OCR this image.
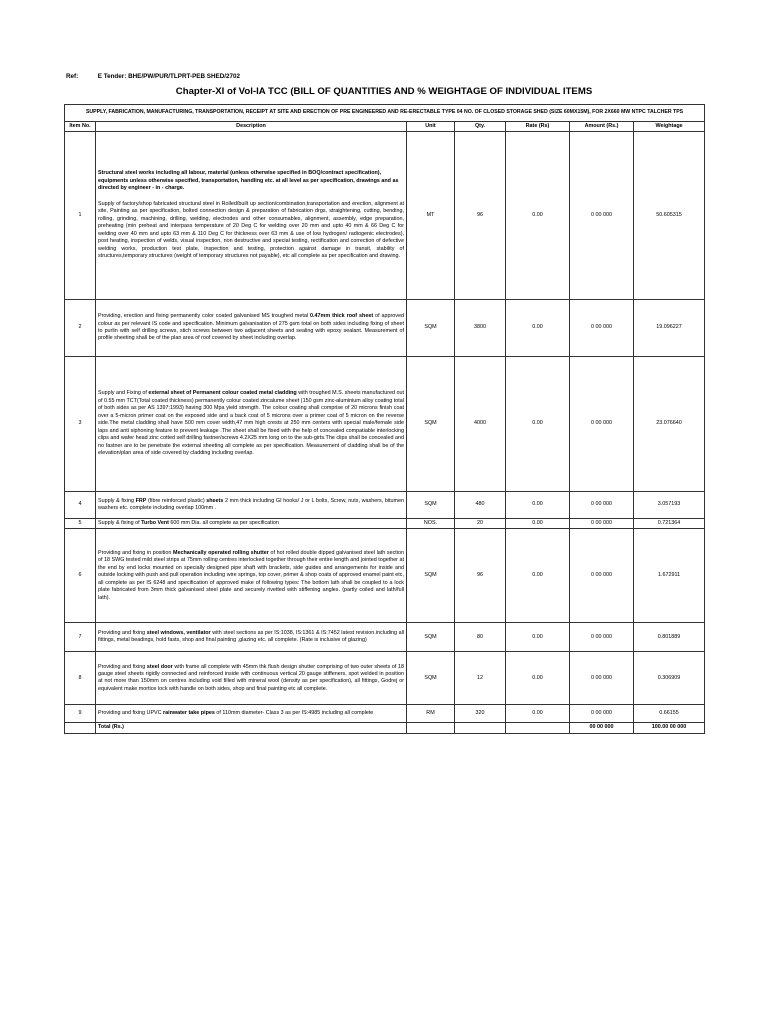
Ref:	E Tender: BHE/PW/PUR/TLPRT-PEB SHED/2702
Chapter-XI of Vol-IA TCC (BILL OF QUANTITIES AND % WEIGHTAGE OF INDIVIDUAL ITEMS
SUPPLY, FABRICATION, MANUFACTURING, TRANSPORTATION, RECEIPT AT SITE AND ERECTION OF PRE ENGINEERED AND RE-ERECTABLE TYPE 04 NO. OF CLOSED STORAGE SHED (SIZE 60MX15M), FOR 2X660 MW NTPC TALCHER TPS						
Item No.	Description	Unit	Qty.	Rate (Rs)	Amount (Rs.)	Weightage
1	Structural steel works including all labour, material (unless otherwise specified in BOQ/contract specification), equipments unless otherwise specified, transportation, handling etc. at all level as per specification, drawings and as directed by engineer - in - charge.

Supply of factory/shop fabricated structural steel in Rolled/built up section/combination,transportation and erection, alignment at site, Painting as per specification, bolted connection design & preparation of fabrication drgs, straightening, cutting, bending, rolling, grinding, machining, drilling, welding, electrodes and other consumables, alignment, assembly, edge preparation, preheating (min preheat and interpass temperature of 20 Deg C for welding over 20 mm and upto 40 mm & 66 Deg C for welding over 40 mm and upto 63 mm & 110 Deg C for thickness over 63 mm & use of low hydrogen/ radiogenic electrodes), post heating, inspection of welds, visual inspection, non destructive and special testing, rectification and correction of defective welding works, production test plate, inspection and testing, protection against damage in transit, stability of structures,temporary structures (weight of temporary structures not payable), etc all complete as per specification and drawing.	MT	96	0.00	0 00 000	50.605315
2	Providing, erection and fixing permanently color coated galvanised MS troughed metal 0.47mm thick roof sheet of approved colour as per relevant IS code and specification. Minimum galvanisation of 275 gsm total on both sides including fixing of sheet to purlin with self drilling screws, stich screws between two adjacent sheets and sealing with epoxy sealant. Measurement of profile sheeting shall be of the plan area of roof covered by sheet including overlap.	SQM	3800	0.00	0 00 000	19.096227
3	Supply and Fixing of external sheet of Permanent colour coated metal cladding with troughed M.S. sheets manufactured out of 0.55 mm TCT(Total coated thickness) permanently colour coated zincalume sheet (150 gsm zinc-aluminium alloy coating total of both sides as per AS 1397:1993) having 300 Mpa yield strength. The colour coating shall comprise of 20 microns finish coat over a 5-micron primer coat on the exposed side and a back coat of 5 microns over a primer coat of 5 micron on the reverse side.The metal cladding shall have 500 mm cover width,47 mm high crests at 250 mm centers with special male/female side laps and anti siphoning feature to prevent leakage .The sheet shall be fixed with the help of concealed compatiable interlocking clips and wafer head zinc cotted self drilling fastner/screws 4.2X25 mm long on to the sub-girts.The clips shall be concealed and no fastner are to be penetrate the external sheeting all complete as per specification. Measurement of cladding shall be of the elevation/plan area of side covered by cladding including overlap.	SQM	4000	0.00	0 00 000	23.076640
4	Supply & fixing FRP (fibre reinforced plastic) sheets 2 mm thick including GI hooks/ J or L bolts, Screw, nuts, washers, bitumen washers etc. complete including overlap 100mm .	SQM	480	0.00	0 00 000	3.057193
5	Supply & fixing of Turbo Vent 600 mm Dia. all complete as per specification	NOS.	20	0.00	0 00 000	0.721364
6	Providing and fixing in position Mechanically operated rolling shutter of hot rolled double dipped galvanised steel lath section of 18 SWG tested mild steel strips at 75mm rolling centres interlocked together through their entire length and jointed together at the end by end locks mounted on specially designed pipe shaft with brackets, side guides and arrangements for inside and outside locking with push and pull operation including wire springs, top cover, primer & shop coats of approved enamel paint etc, all complete as per IS 6248 and specification of approved make of following types: The bottom lath shall be coupled to a lock plate fabricated from 3mm thick galvanised steel plate and securely rivetted with stiffening angles. (partly coiled and lath/full lath).	SQM	96	0.00	0 00 000	1.672911
7	Providing and fixing steel windows, ventilator with steel sections as per IS:1038, IS:1361 & IS:7452 latest revision.including all fittings, metal beadings, hold fasts, shop and final painting ,glazing etc. all complete. (Rate is inclusive of glazing)	SQM	80	0.00	0 00 000	0.801889
8	Providing and fixing steel door with frame all complete with 45mm thk flush design shutter comprising of two outer sheets of 18 gauge steel sheets rigidly connected and reinforced inside with continuous vertical 20 gauge stiffeners, spot welded in position at not more than 150mm on centres including void filled with mineral wool (density as per specification), all fittings, Godrej or equivalent make mortice lock with handle on both sides, shop and final painting etc all complete.	SQM	12	0.00	0 00 000	0.306909
9	Providing and fixing UPVC rainwater take pipes of 110mm diameter- Class 3 as per IS:4985 including all complete	RM	320	0.00	0 00 000	0.66155
	Total (Rs.)				00 00 000	100.00 00 000
